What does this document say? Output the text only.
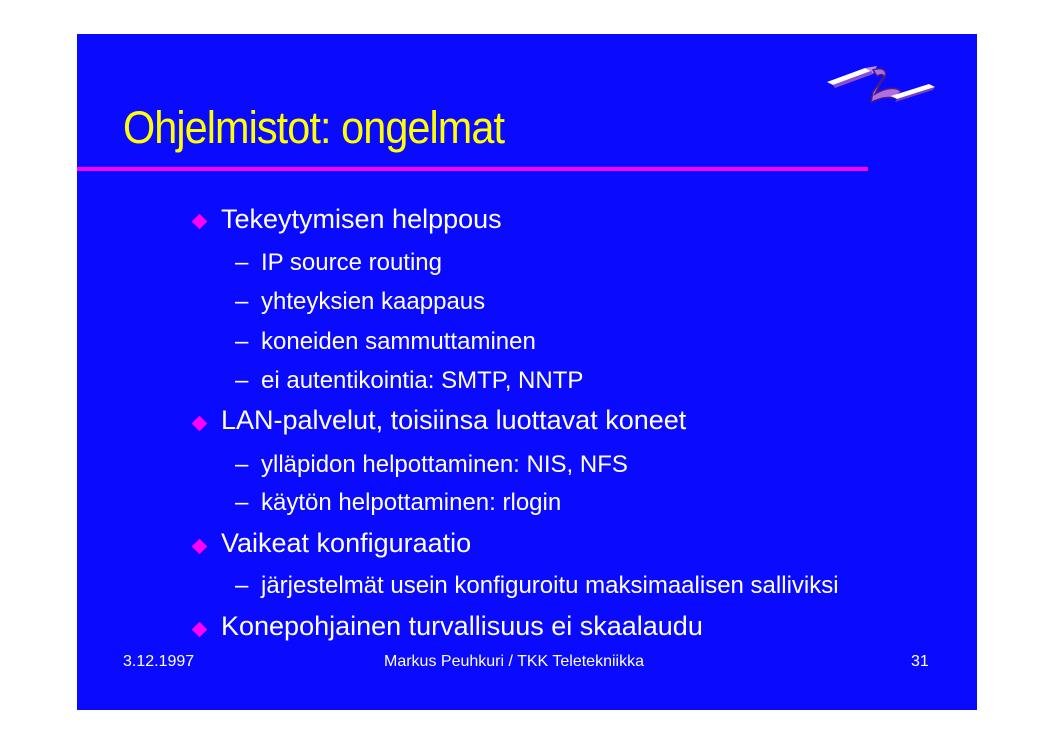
Ohjelmistot: ongelmat
Tekeytymisen helppous
– IP source routing
– yhteyksien kaappaus
– koneiden sammuttaminen
– ei autentikointia: SMTP, NNTP
LAN-palvelut, toisiinsa luottavat koneet
– ylläpidon helpottaminen: NIS, NFS
– käytön helpottaminen: rlogin
Vaikeat konfiguraatio
– järjestelmät usein konfiguroitu maksimaalisen salliviksi
Konepohjainen turvallisuus ei skaalaudu
3.12.1997	Markus Peuhkuri / TKK Teletekniikka	31
